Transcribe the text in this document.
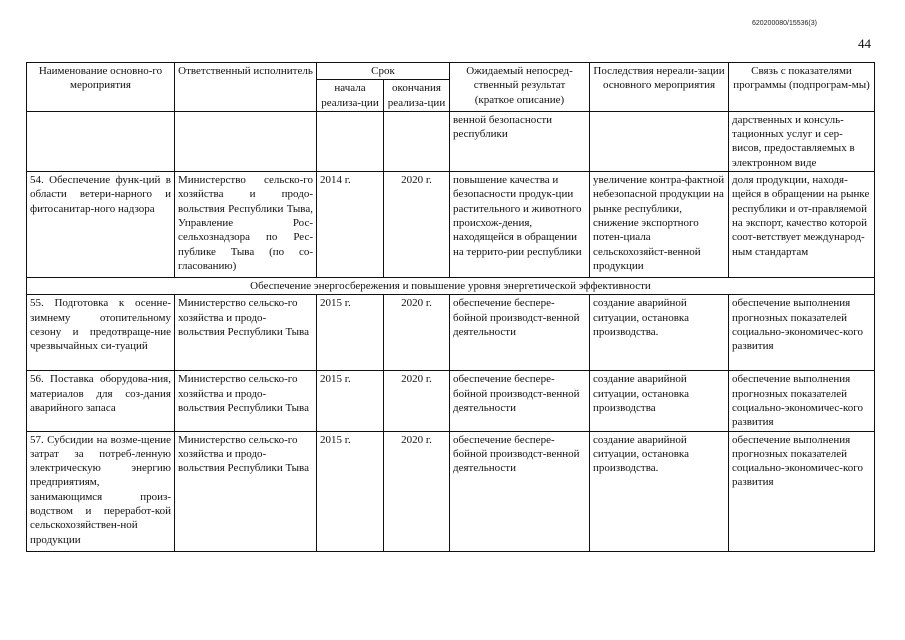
620200080/15536(3)
44
Наименование основно-го мероприятия	Ответственный исполнитель	Срок		Ожидаемый непосред-ственный результат (краткое описание)	Последствия нереали-зации основного мероприятия	Связь с показателями программы (подпрограм-мы)
		начала реализа-ции	окончания реализа-ции			
				венной безопасности республики		дарственных и консуль-тационных услуг и сер-висов, предоставляемых в электронном виде
54. Обеспечение функ-ций в области ветери-нарного и фитосанитар-ного надзора	Министерство сельско-го хозяйства и продо-вольствия Республики Тыва, Управление Рос-сельхознадзора по Рес-публике Тыва (по со-гласованию)	2014 г.	2020 г.	повышение качества и безопасности продук-ции растительного и животного происхож-дения, находящейся в обращении на террито-рии республики	увеличение контра-фактной небезопасной продукции на рынке республики, снижение экспортного потен-циала сельскохозяйст-венной продукции	доля продукции, находя-щейся в обращении на рынке республики и от-правляемой на экспорт, качество которой соот-ветствует международ-ным стандартам
Обеспечение энергосбережения и повышение уровня энергетической эффективности						
55. Подготовка к осенне-зимнему отопительному сезону и предотвраще-ние чрезвычайных си-туаций	Министерство сельско-го хозяйства и продо-вольствия Республики Тыва	2015 г.	2020 г.	обеспечение беспере-бойной производст-венной деятельности	создание аварийной ситуации, остановка производства.	обеспечение выполнения прогнозных показателей социально-экономичес-кого развития
56. Поставка оборудова-ния, материалов для соз-дания аварийного запаса	Министерство сельско-го хозяйства и продо-вольствия Республики Тыва	2015 г.	2020 г.	обеспечение беспере-бойной производст-венной деятельности	создание аварийной ситуации, остановка производства	обеспечение выполнения прогнозных показателей социально-экономичес-кого развития
57. Субсидии на возме-щение затрат за потреб-ленную электрическую энергию предприятиям, занимающимся произ-водством и переработ-кой сельскохозяйствен-ной продукции	Министерство сельско-го хозяйства и продо-вольствия Республики Тыва	2015 г.	2020 г.	обеспечение беспере-бойной производст-венной деятельности	создание аварийной ситуации, остановка производства.	обеспечение выполнения прогнозных показателей социально-экономичес-кого развития
